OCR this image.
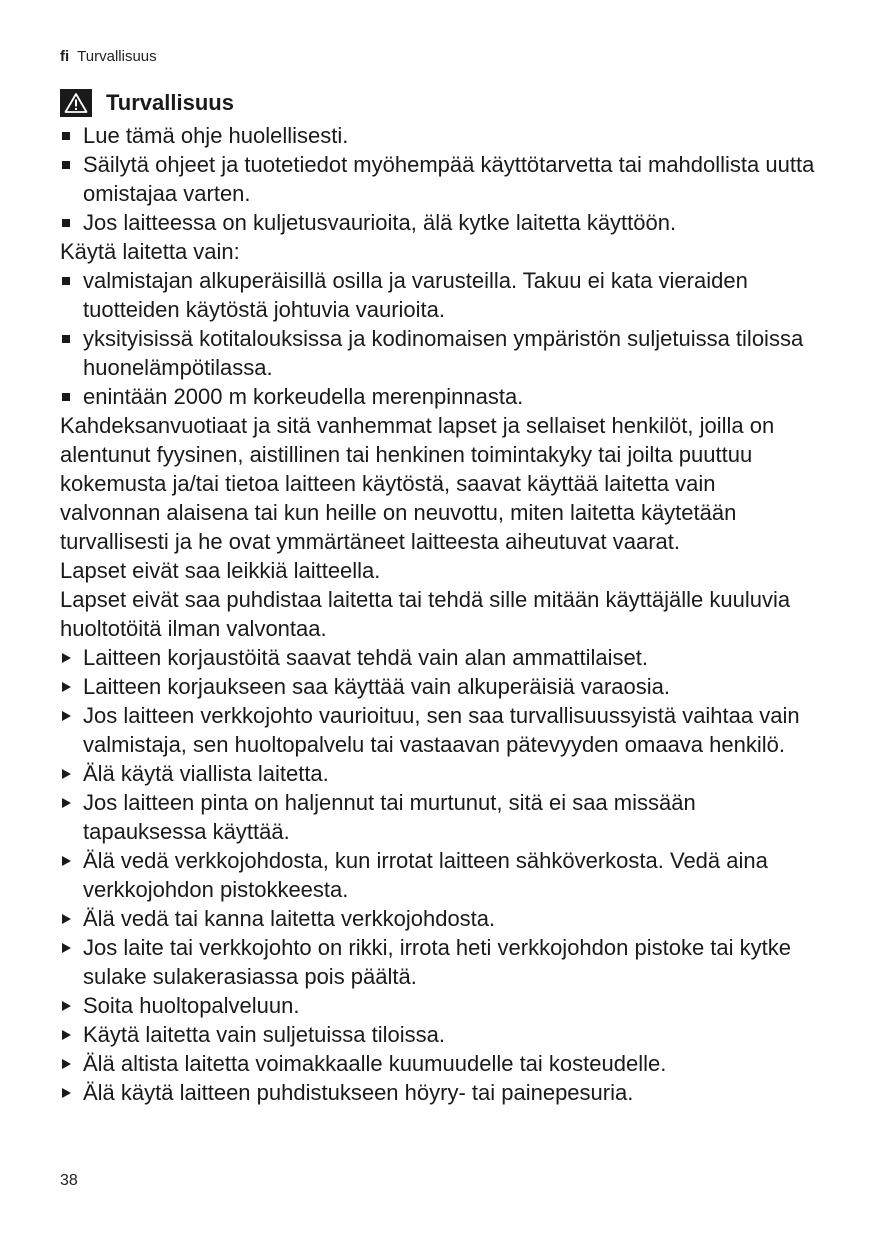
fi Turvallisuus
Turvallisuus
Lue tämä ohje huolellisesti.
Säilytä ohjeet ja tuotetiedot myöhempää käyttötarvetta tai mahdollista uutta omistajaa varten.
Jos laitteessa on kuljetusvaurioita, älä kytke laitetta käyttöön.
Käytä laitetta vain:
valmistajan alkuperäisillä osilla ja varusteilla. Takuu ei kata vieraiden tuotteiden käytöstä johtuvia vaurioita.
yksityisissä kotitalouksissa ja kodinomaisen ympäristön suljetuissa tiloissa huonelämpötilassa.
enintään 2000 m korkeudella merenpinnasta.
Kahdeksanvuotiaat ja sitä vanhemmat lapset ja sellaiset henkilöt, joilla on alentunut fyysinen, aistillinen tai henkinen toimintakyky tai joilta puuttuu kokemusta ja/tai tietoa laitteen käytöstä, saavat käyttää laitetta vain valvonnan alaisena tai kun heille on neuvottu, miten laitetta käytetään turvallisesti ja he ovat ymmärtäneet laitteesta aiheutuvat vaarat.
Lapset eivät saa leikkiä laitteella.
Lapset eivät saa puhdistaa laitetta tai tehdä sille mitään käyttäjälle kuuluvia huoltotöitä ilman valvontaa.
Laitteen korjaustöitä saavat tehdä vain alan ammattilaiset.
Laitteen korjaukseen saa käyttää vain alkuperäisiä varaosia.
Jos laitteen verkkojohto vaurioituu, sen saa turvallisuussyistä vaihtaa vain valmistaja, sen huoltopalvelu tai vastaavan pätevyyden omaava henkilö.
Älä käytä viallista laitetta.
Jos laitteen pinta on haljennut tai murtunut, sitä ei saa missään tapauksessa käyttää.
Älä vedä verkkojohdosta, kun irrotat laitteen sähköverkosta. Vedä aina verkkojohdon pistokkeesta.
Älä vedä tai kanna laitetta verkkojohdosta.
Jos laite tai verkkojohto on rikki, irrota heti verkkojohdon pistoke tai kytke sulake sulakerasiassa pois päältä.
Soita huoltopalveluun.
Käytä laitetta vain suljetuissa tiloissa.
Älä altista laitetta voimakkaalle kuumuudelle tai kosteudelle.
Älä käytä laitteen puhdistukseen höyry- tai painepesuria.
38
